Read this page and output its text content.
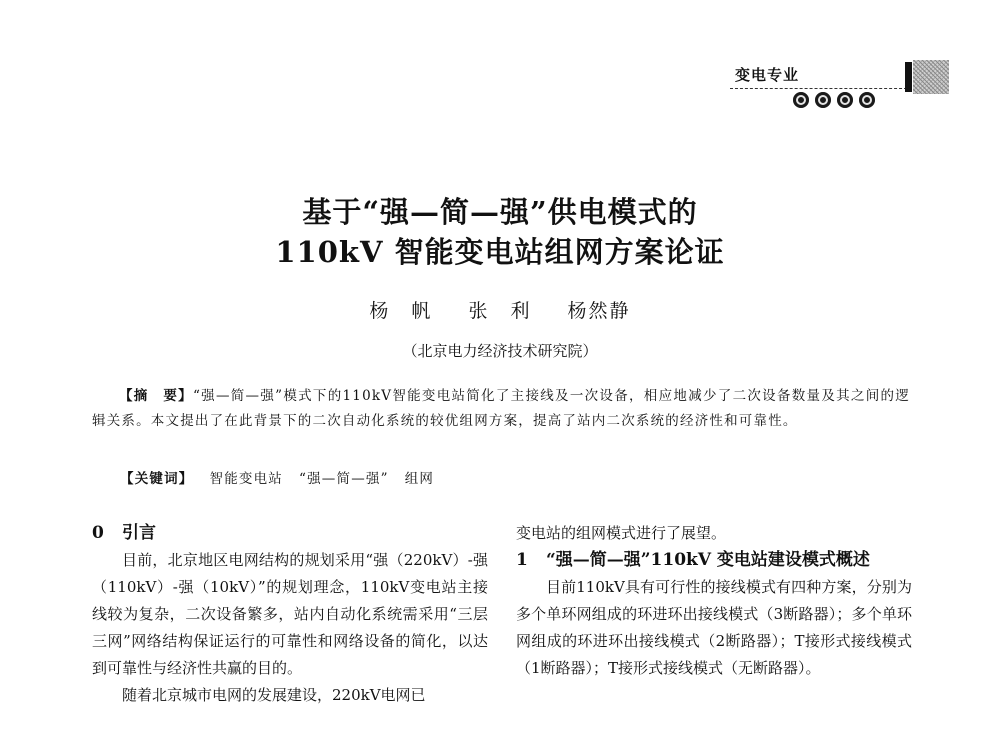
变电专业
基于“强—简—强”供电模式的
110kV 智能变电站组网方案论证
杨　帆 张　利 杨然静
（北京电力经济技术研究院）

【摘　要】“强—简—强”模式下的110kV智能变电站简化了主接线及一次设备，相应地减少了二次设备数量及其之间的逻辑关系。本文提出了在此背景下的二次自动化系统的较优组网方案，提高了站内二次系统的经济性和可靠性。

【关键词】 智能变电站 “强—简—强” 组网
0 引言

目前，北京地区电网结构的规划采用“强（220kV）-强（110kV）-强（10kV）”的规划理念，110kV变电站主接线较为复杂，二次设备繁多，站内自动化系统需采用“三层三网”网络结构保证运行的可靠性和网络设备的简化，以达到可靠性与经济性共赢的目的。

随着北京城市电网的发展建设，220kV电网已

变电站的组网模式进行了展望。

1	“强—简—强”110kV 变电站建设模式概述

目前110kV具有可行性的接线模式有四种方案，分别为多个单环网组成的环进环出接线模式（3断路器）；多个单环网组成的环进环出接线模式（2断路器）；T接形式接线模式（1断路器）；T接形式接线模式（无断路器）。
